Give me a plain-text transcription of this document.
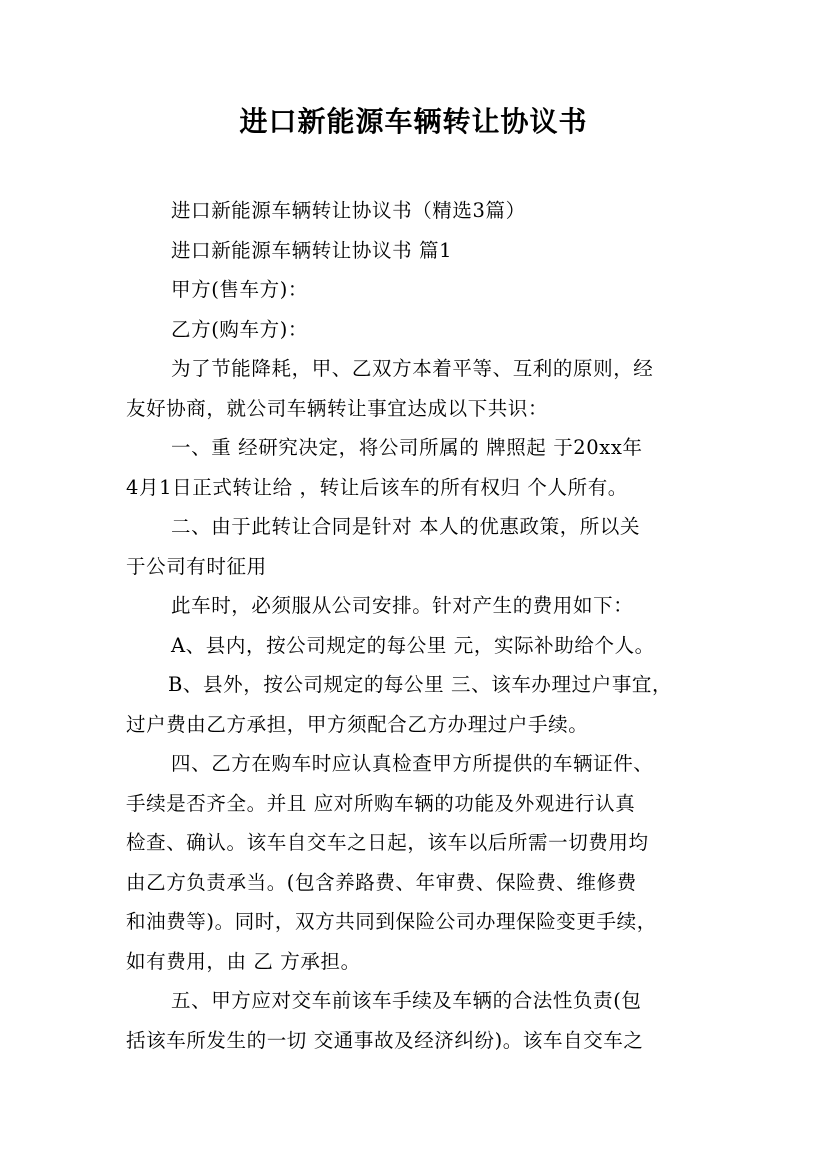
进口新能源车辆转让协议书
进口新能源车辆转让协议书（精选3篇）
进口新能源车辆转让协议书 篇1
甲方(售车方)：
乙方(购车方)：
为了节能降耗，甲、乙双方本着平等、互利的原则，经
友好协商，就公司车辆转让事宜达成以下共识：
一、重 经研究决定，将公司所属的 牌照起 于20xx年
4月1日正式转让给 ，转让后该车的所有权归 个人所有。
二、由于此转让合同是针对 本人的优惠政策，所以关
于公司有时征用
此车时，必须服从公司安排。针对产生的费用如下：
A、县内，按公司规定的每公里 元，实际补助给个人。
B、县外，按公司规定的每公里 三、该车办理过户事宜，
过户费由乙方承担，甲方须配合乙方办理过户手续。
四、乙方在购车时应认真检查甲方所提供的车辆证件、
手续是否齐全。并且 应对所购车辆的功能及外观进行认真
检查、确认。该车自交车之日起，该车以后所需一切费用均
由乙方负责承当。(包含养路费、年审费、保险费、维修费
和油费等)。同时，双方共同到保险公司办理保险变更手续，
如有费用，由 乙 方承担。
五、甲方应对交车前该车手续及车辆的合法性负责(包
括该车所发生的一切 交通事故及经济纠纷)。该车自交车之
